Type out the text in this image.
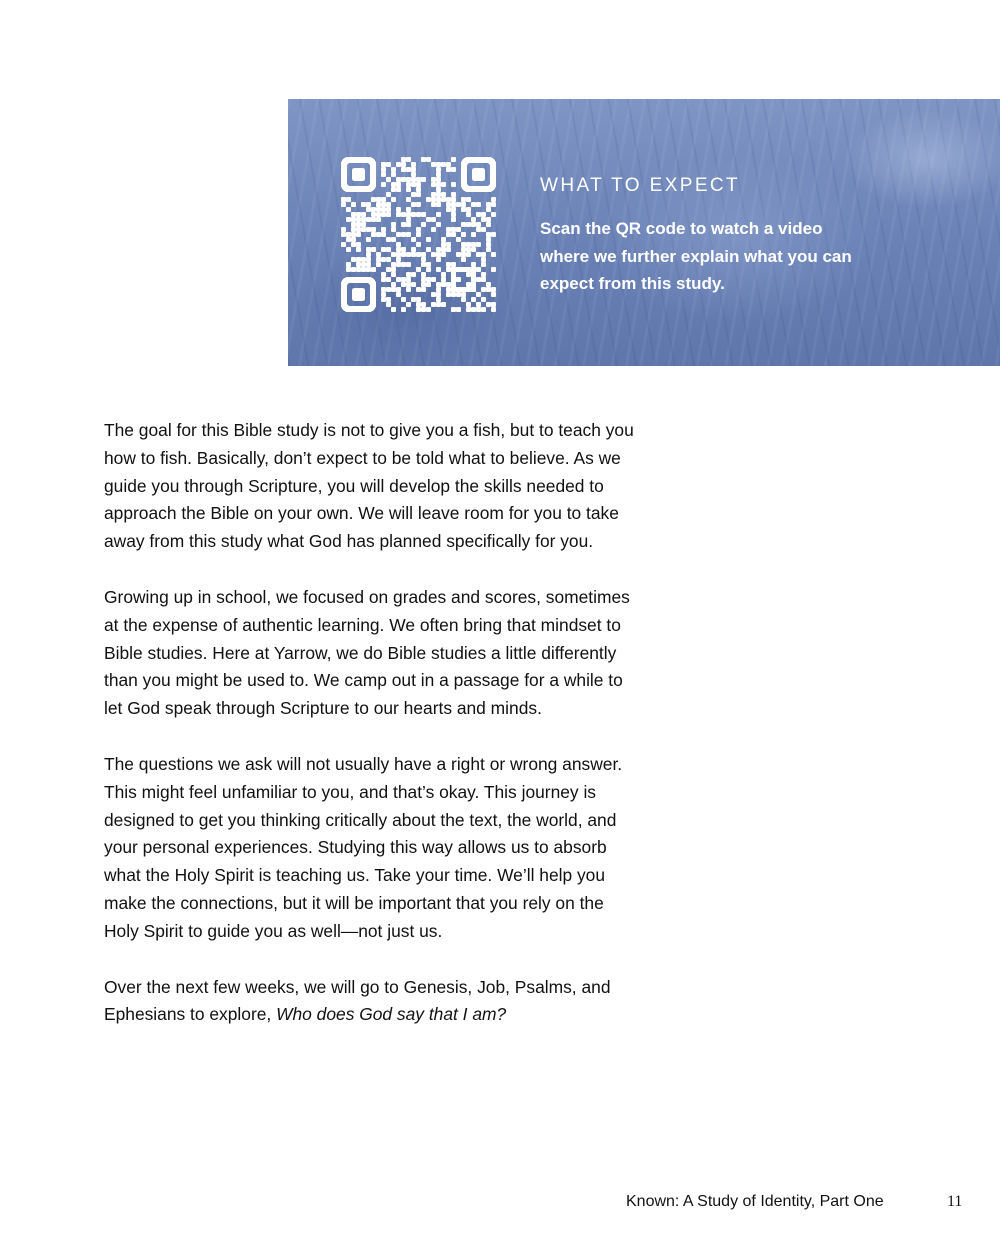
WHAT TO EXPECT

Scan the QR code to watch a video where we further explain what you can expect from this study.

The goal for this Bible study is not to give you a fish, but to teach you how to fish. Basically, don’t expect to be told what to believe. As we guide you through Scripture, you will develop the skills needed to approach the Bible on your own. We will leave room for you to take away from this study what God has planned specifically for you.

Growing up in school, we focused on grades and scores, sometimes at the expense of authentic learning. We often bring that mindset to Bible studies. Here at Yarrow, we do Bible studies a little differently than you might be used to. We camp out in a passage for a while to let God speak through Scripture to our hearts and minds.

The questions we ask will not usually have a right or wrong answer. This might feel unfamiliar to you, and that’s okay. This journey is designed to get you thinking critically about the text, the world, and your personal experiences. Studying this way allows us to absorb what the Holy Spirit is teaching us. Take your time. We’ll help you make the connections, but it will be important that you rely on the Holy Spirit to guide you as well—not just us.

Over the next few weeks, we will go to Genesis, Job, Psalms, and Ephesians to explore, Who does God say that I am?

Known: A Study of Identity, Part One	11
